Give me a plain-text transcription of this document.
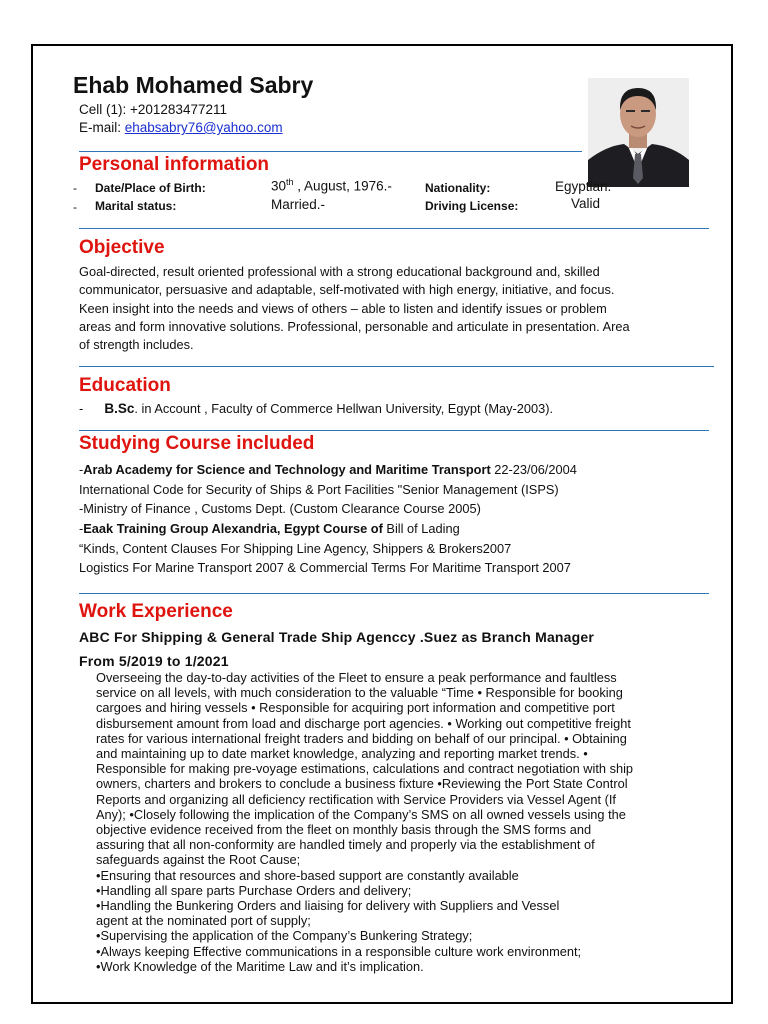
Ehab Mohamed Sabry
Cell (1): +201283477211
E-mail: ehabsabry76@yahoo.com
Personal information
- Date/Place of Birth:	30th , August, 1976.-	Nationality:	Egyptian.
- Marital status:	Married.-	Driving License:	Valid
Objective

Goal-directed, result oriented professional with a strong educational background and, skilled

communicator, persuasive and adaptable, self-motivated with high energy, initiative, and focus.

Keen insight into the needs and views of others – able to listen and identify issues or problem

areas and form innovative solutions. Professional, personable and articulate in presentation. Area

of strength includes.

Education
- B.Sc. in Account , Faculty of Commerce Hellwan University, Egypt (May-2003).
Studying Course included
-Arab Academy for Science and Technology and Maritime Transport 22-23/06/2004
International Code for Security of Ships & Port Facilities "Senior Management (ISPS)
-Ministry of Finance , Customs Dept. (Custom Clearance Course 2005)
-Eaak Training Group Alexandria, Egypt Course of Bill of Lading
“Kinds, Content Clauses For Shipping Line Agency, Shippers & Brokers2007
Logistics For Marine Transport 2007 & Commercial Terms For Maritime Transport 2007
Work Experience
ABC For Shipping & General Trade Ship Agenccy .Suez as Branch Manager
From 5/2019 to 1/2021

Overseeing the day-to-day activities of the Fleet to ensure a peak performance and faultless

service on all levels, with much consideration to the valuable “Time • Responsible for booking

cargoes and hiring vessels • Responsible for acquiring port information and competitive port

disbursement amount from load and discharge port agencies. • Working out competitive freight

rates for various international freight traders and bidding on behalf of our principal. • Obtaining

and maintaining up to date market knowledge, analyzing and reporting market trends. •

Responsible for making pre-voyage estimations, calculations and contract negotiation with ship

owners, charters and brokers to conclude a business fixture •Reviewing the Port State Control

Reports and organizing all deficiency rectification with Service Providers via Vessel Agent (If

Any); •Closely following the implication of the Company’s SMS on all owned vessels using the

objective evidence received from the fleet on monthly basis through the SMS forms and

assuring that all non-conformity are handled timely and properly via the establishment of

safeguards against the Root Cause;

•Ensuring that resources and shore-based support are constantly available

•Handling all spare parts Purchase Orders and delivery;

•Handling the Bunkering Orders and liaising for delivery with Suppliers and Vessel

agent at the nominated port of supply;

•Supervising the application of the Company’s Bunkering Strategy;

•Always keeping Effective communications in a responsible culture work environment;

•Work Knowledge of the Maritime Law and it’s implication.
